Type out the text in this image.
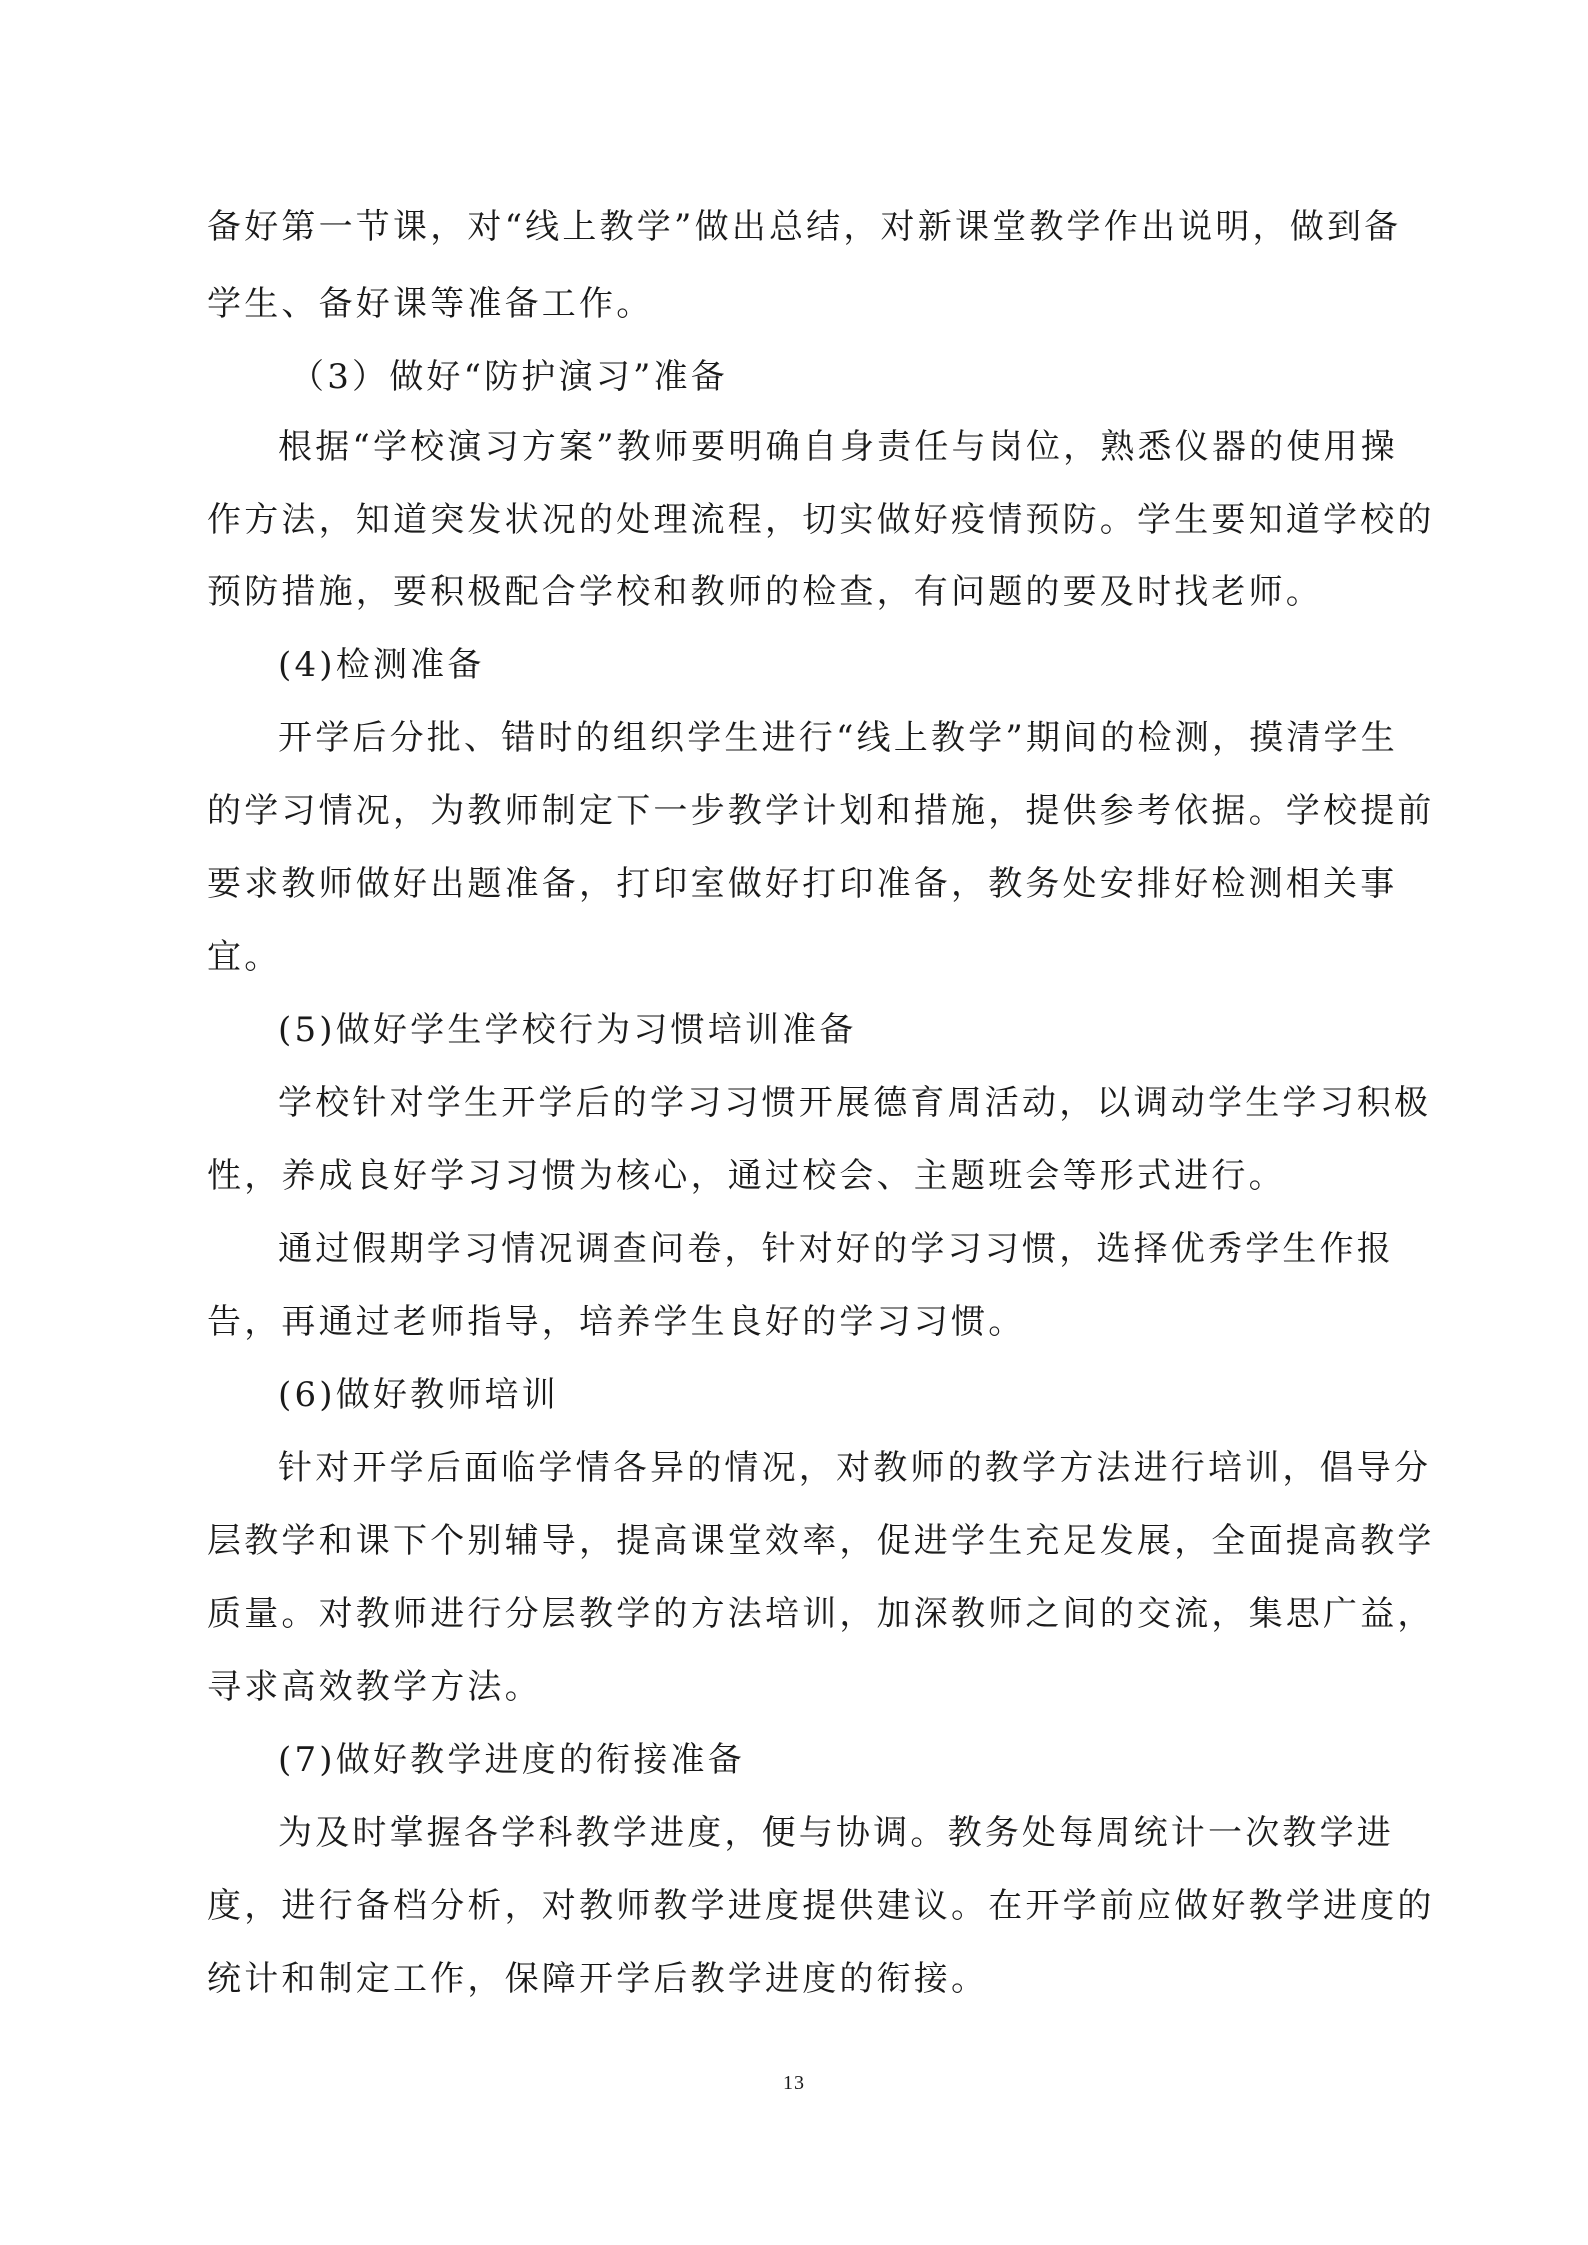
备好第一节课，对“线上教学”做出总结，对新课堂教学作出说明，做到备
学生、备好课等准备工作。
（3）做好“防护演习”准备
根据“学校演习方案”教师要明确自身责任与岗位，熟悉仪器的使用操
作方法，知道突发状况的处理流程，切实做好疫情预防。学生要知道学校的
预防措施，要积极配合学校和教师的检查，有问题的要及时找老师。
(4)检测准备
开学后分批、错时的组织学生进行“线上教学”期间的检测，摸清学生
的学习情况，为教师制定下一步教学计划和措施，提供参考依据。学校提前
要求教师做好出题准备，打印室做好打印准备，教务处安排好检测相关事
宜。
(5)做好学生学校行为习惯培训准备
学校针对学生开学后的学习习惯开展德育周活动，以调动学生学习积极
性，养成良好学习习惯为核心，通过校会、主题班会等形式进行。
通过假期学习情况调查问卷，针对好的学习习惯，选择优秀学生作报
告，再通过老师指导，培养学生良好的学习习惯。
(6)做好教师培训
针对开学后面临学情各异的情况，对教师的教学方法进行培训，倡导分
层教学和课下个别辅导，提高课堂效率，促进学生充足发展，全面提高教学
质量。对教师进行分层教学的方法培训，加深教师之间的交流，集思广益，
寻求高效教学方法。
(7)做好教学进度的衔接准备
为及时掌握各学科教学进度，便与协调。教务处每周统计一次教学进
度，进行备档分析，对教师教学进度提供建议。在开学前应做好教学进度的
统计和制定工作，保障开学后教学进度的衔接。
13
